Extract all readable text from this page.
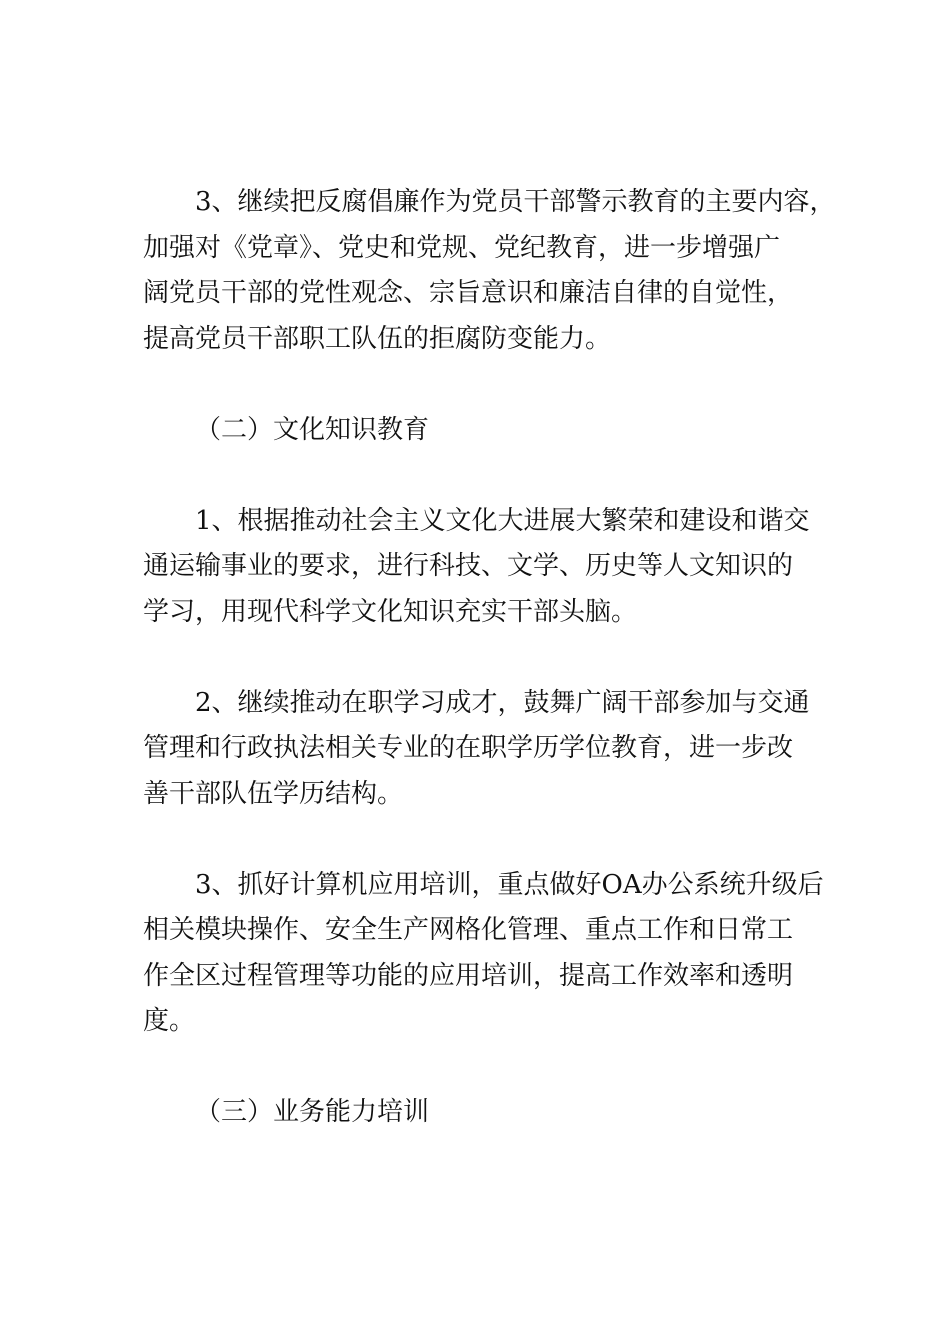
3、继续把反腐倡廉作为党员干部警示教育的主要内容，
加强对《党章》、党史和党规、党纪教育，进一步增强广
阔党员干部的党性观念、宗旨意识和廉洁自律的自觉性，
提高党员干部职工队伍的拒腐防变能力。
（二）文化知识教育
1、根据推动社会主义文化大进展大繁荣和建设和谐交
通运输事业的要求，进行科技、文学、历史等人文知识的
学习，用现代科学文化知识充实干部头脑。
2、继续推动在职学习成才，鼓舞广阔干部参加与交通
管理和行政执法相关专业的在职学历学位教育，进一步改
善干部队伍学历结构。
3、抓好计算机应用培训，重点做好OA办公系统升级后
相关模块操作、安全生产网格化管理、重点工作和日常工
作全区过程管理等功能的应用培训，提高工作效率和透明
度。
（三）业务能力培训
